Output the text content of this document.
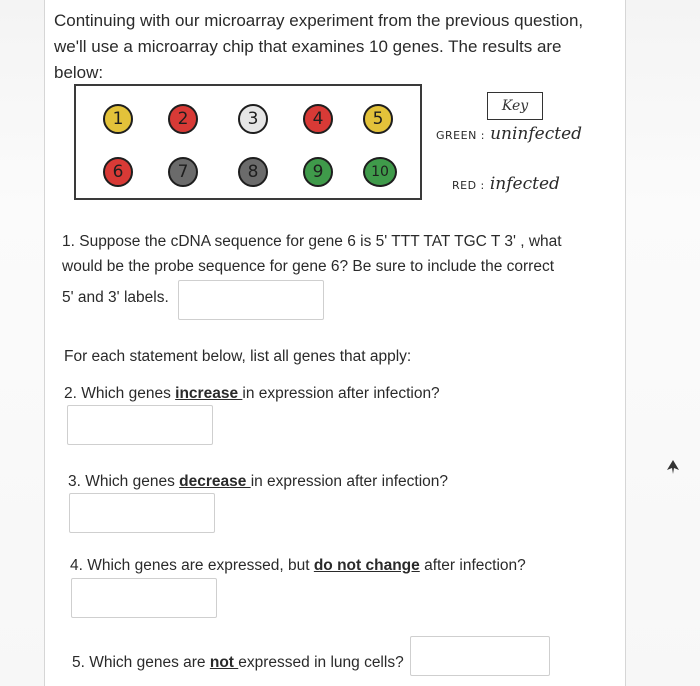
Continuing with our microarray experiment from the previous question,
we'll use a microarray chip that examines 10 genes. The results are below:
1	2	3	4	5
6	7	8	9	10
Key
GREEN : uninfected
RED : infected
1. Suppose the cDNA sequence for gene 6 is 5' TTT TAT TGC T 3' , what
would be the probe sequence for gene 6? Be sure to include the correct
5' and 3' labels.
For each statement below, list all genes that apply:
2. Which genes increase in expression after infection?
3. Which genes decrease in expression after infection?
4. Which genes are expressed, but do not change after infection?
5. Which genes are not expressed in lung cells?
